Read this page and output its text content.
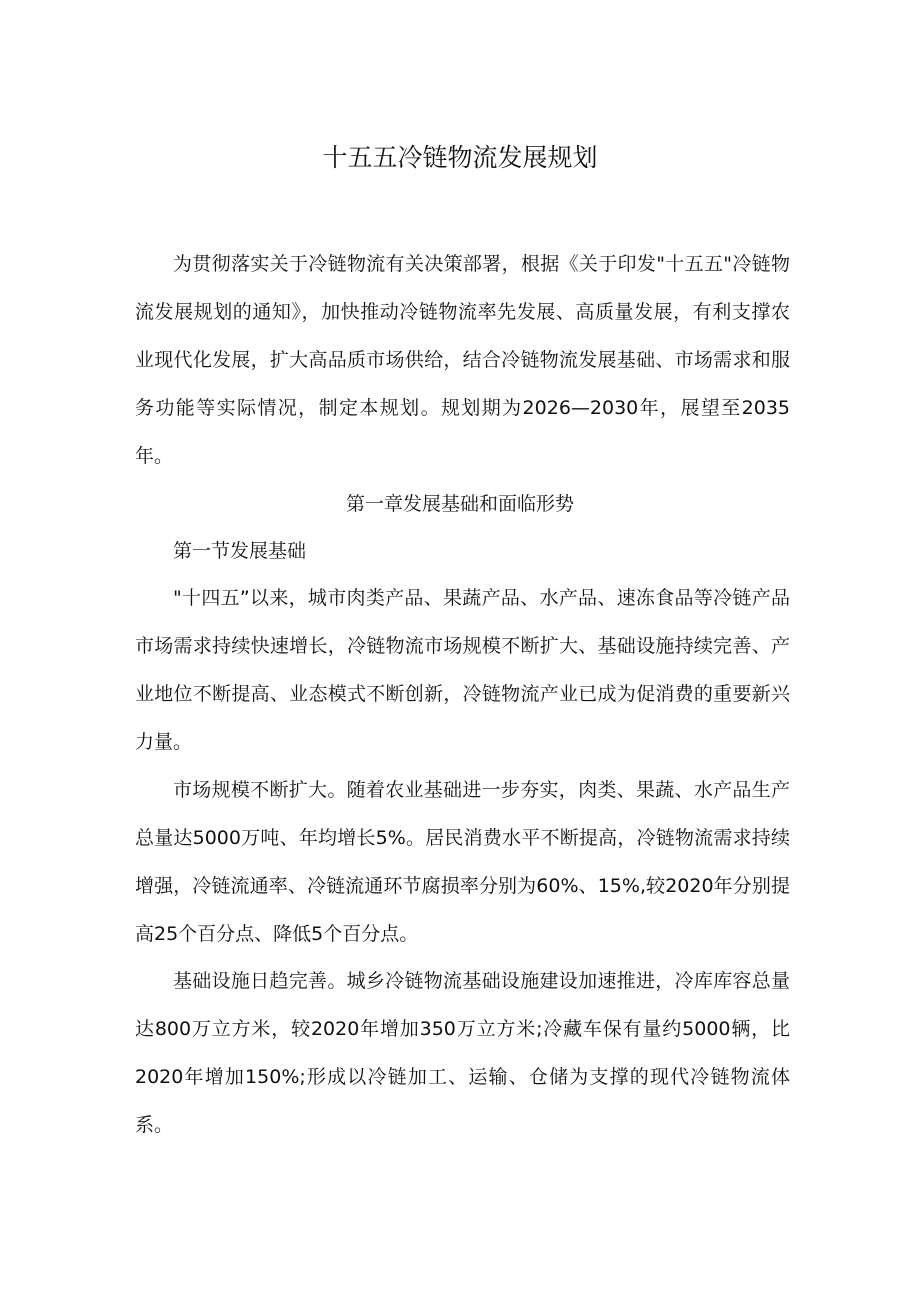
十五五冷链物流发展规划

为贯彻落实关于冷链物流有关决策部署，根据《关于印发"十五五"冷链物流发展规划的通知》，加快推动冷链物流率先发展、高质量发展，有利支撑农业现代化发展，扩大高品质市场供给，结合冷链物流发展基础、市场需求和服务功能等实际情况，制定本规划。规划期为2026—2030年，展望至2035年。

第一章发展基础和面临形势

第一节发展基础

"十四五”以来，城市肉类产品、果蔬产品、水产品、速冻食品等冷链产品市场需求持续快速增长，冷链物流市场规模不断扩大、基础设施持续完善、产业地位不断提高、业态模式不断创新，冷链物流产业已成为促消费的重要新兴力量。

市场规模不断扩大。随着农业基础进一步夯实，肉类、果蔬、水产品生产总量达5000万吨、年均增长5%。居民消费水平不断提高，冷链物流需求持续增强，冷链流通率、冷链流通环节腐损率分别为60%、15%,较2020年分别提高25个百分点、降低5个百分点。

基础设施日趋完善。城乡冷链物流基础设施建设加速推进，冷库库容总量达800万立方米，较2020年增加350万立方米;冷藏车保有量约5000辆，比2020年增加150%;形成以冷链加工、运输、仓储为支撑的现代冷链物流体系。
